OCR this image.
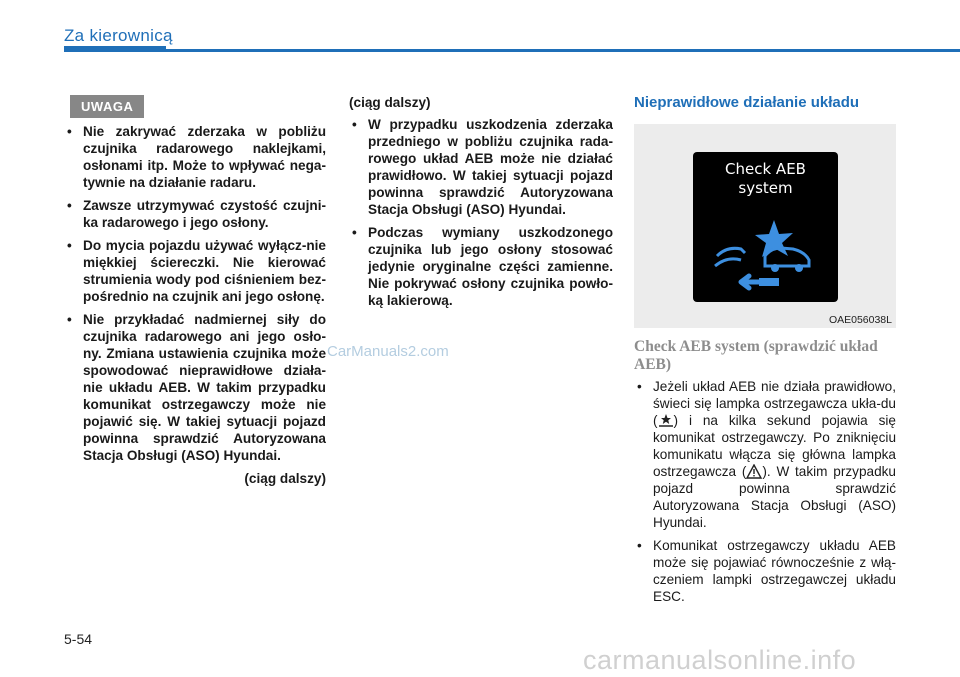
Za kierownicą
UWAGA
• Nie zakrywać zderzaka w pobliżu czujnika radarowego naklejkami, osłonami itp. Może to wpływać nega-tywnie na działanie radaru.
• Zawsze utrzymywać czystość czujni-ka radarowego i jego osłony.
• Do mycia pojazdu używać wyłącz-nie miękkiej ściereczki. Nie kierować strumienia wody pod ciśnieniem bez-pośrednio na czujnik ani jego osłonę.
• Nie przykładać nadmiernej siły do czujnika radarowego ani jego osło-ny. Zmiana ustawienia czujnika może spowodować nieprawidłowe działa-nie układu AEB. W takim przypadku komunikat ostrzegawczy może nie pojawić się. W takiej sytuacji pojazd powinna sprawdzić Autoryzowana Stacja Obsługi (ASO) Hyundai.
(ciąg dalszy)
(ciąg dalszy)
• W przypadku uszkodzenia zderzaka przedniego w pobliżu czujnika rada-rowego układ AEB może nie działać prawidłowo. W takiej sytuacji pojazd powinna sprawdzić Autoryzowana Stacja Obsługi (ASO) Hyundai.
• Podczas wymiany uszkodzonego czujnika lub jego osłony stosować jedynie oryginalne części zamienne. Nie pokrywać osłony czujnika powło-ką lakierową.
Nieprawidłowe działanie układu
Check AEB
system
OAE056038L
Check AEB system (sprawdzić układ AEB)
• Jeżeli układ AEB nie działa prawidłowo, świeci się lampka ostrzegawcza ukła-du ( ) i na kilka sekund pojawia się komunikat ostrzegawczy. Po zniknięciu komunikatu włącza się główna lampka ostrzegawcza ( ). W takim przypadku pojazd powinna sprawdzić Autoryzowana Stacja Obsługi (ASO) Hyundai.
• Komunikat ostrzegawczy układu AEB może się pojawiać równocześnie z włą-czeniem lampki ostrzegawczej układu ESC.
CarManuals2.com
5-54
carmanualsonline.info
